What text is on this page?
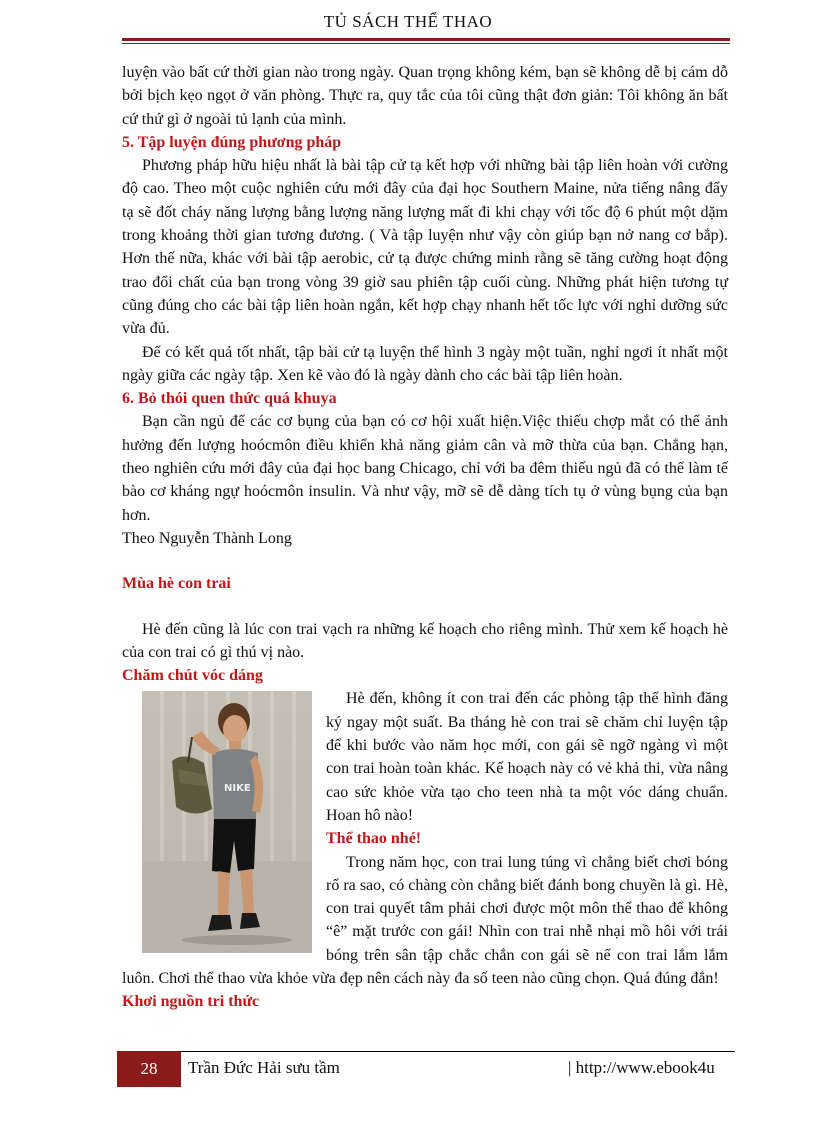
TỦ SÁCH THỂ THAO

luyện vào bất cứ thời gian nào trong ngày. Quan trọng không kém, bạn sẽ không dễ bị cám dỗ bởi bịch kẹo ngọt ở văn phòng. Thực ra, quy tắc của tôi cũng thật đơn giản: Tôi không ăn bất cứ thứ gì ở ngoài tủ lạnh của mình.

5. Tập luyện đúng phương pháp

Phương pháp hữu hiệu nhất là bài tập cử tạ kết hợp với những bài tập liên hoàn với cường độ cao. Theo một cuộc nghiên cứu mới đây của đại học Southern Maine, nửa tiếng nâng đẩy tạ sẽ đốt cháy năng lượng bằng lượng năng lượng mất đi khi chạy với tốc độ 6 phút một dặm trong khoảng thời gian tương đương. ( Và tập luyện như vậy còn giúp bạn nở nang cơ bắp). Hơn thế nữa, khác với bài tập aerobic, cử tạ được chứng minh rằng sẽ tăng cường hoạt động trao đổi chất của bạn trong vòng 39 giờ sau phiên tập cuối cùng. Những phát hiện tương tự cũng đúng cho các bài tập liên hoàn ngắn, kết hợp chạy nhanh hết tốc lực với nghỉ dưỡng sức vừa đủ.

Để có kết quả tốt nhất, tập bài cử tạ luyện thể hình 3 ngày một tuần, nghỉ ngơi ít nhất một ngày giữa các ngày tập. Xen kẽ vào đó là ngày dành cho các bài tập liên hoàn.

6. Bỏ thói quen thức quá khuya

Bạn cần ngủ để các cơ bụng của bạn có cơ hội xuất hiện.Việc thiếu chợp mắt có thể ảnh hưởng đến lượng hoócmôn điều khiển khả năng giảm cân và mỡ thừa của bạn. Chẳng hạn, theo nghiên cứu mới đây của đại học bang Chicago, chỉ với ba đêm thiếu ngủ đã có thể làm tế bào cơ kháng ngự hoócmôn insulin. Và như vậy, mỡ sẽ dễ dàng tích tụ ở vùng bụng của bạn hơn.

Theo Nguyễn Thành Long

Mùa hè con trai

Hè đến cũng là lúc con trai vạch ra những kế hoạch cho riêng mình. Thử xem kế hoạch hè của con trai có gì thú vị nào.

Chăm chút vóc dáng

NIKE

Hè đến, không ít con trai đến các phòng tập thể hình đăng ký ngay một suất. Ba tháng hè con trai sẽ chăm chỉ luyện tập để khi bước vào năm học mới, con gái sẽ ngỡ ngàng vì một con trai hoàn toàn khác. Kế hoạch này có vẻ khả thi, vừa nâng cao sức khỏe vừa tạo cho teen nhà ta một vóc dáng chuẩn. Hoan hô nào!

Thể thao nhé!

Trong năm học, con trai lung túng vì chẳng biết chơi bóng rổ ra sao, có chàng còn chẳng biết đánh bong chuyền là gì. Hè, con trai quyết tâm phải chơi được một môn thể thao để không “ê” mặt trước con gái! Nhìn con trai nhễ nhại mồ hôi với trái bóng trên sân tập chắc chắn con gái sẽ nể con trai lắm lắm luôn. Chơi thể thao vừa khỏe vừa đẹp nên cách này đa số teen nào cũng chọn. Quá đúng đắn!

Khơi nguồn tri thức

28	Trần Đức Hải sưu tầm	| http://www.ebook4u
